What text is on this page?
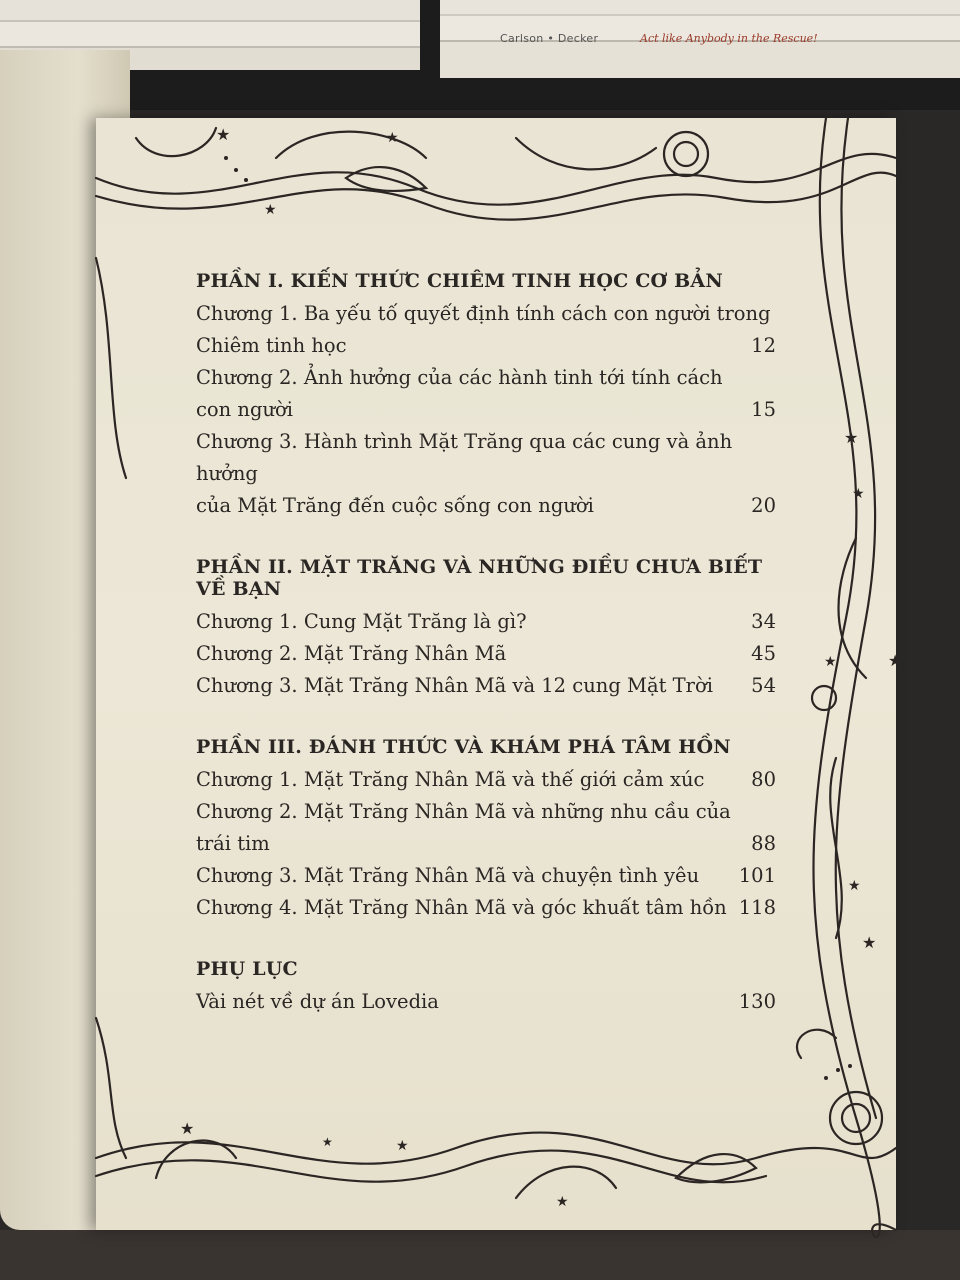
Carlson • Decker	Act like Anybody in the Rescue!
★	★
★
★
★
★	★
★
★
★
★
★
★
PHẦN I. KIẾN THỨC CHIÊM TINH HỌC CƠ BẢN
Chương 1. Ba yếu tố quyết định tính cách con người trong
Chiêm tinh học	12
Chương 2. Ảnh hưởng của các hành tinh tới tính cách
con người	15
Chương 3. Hành trình Mặt Trăng qua các cung và ảnh hưởng
của Mặt Trăng đến cuộc sống con người	20
PHẦN II. MẶT TRĂNG VÀ NHỮNG ĐIỀU CHƯA BIẾT VỀ BẠN
Chương 1. Cung Mặt Trăng là gì?	34
Chương 2. Mặt Trăng Nhân Mã	45
Chương 3. Mặt Trăng Nhân Mã và 12 cung Mặt Trời	54
PHẦN III. ĐÁNH THỨC VÀ KHÁM PHÁ TÂM HỒN
Chương 1. Mặt Trăng Nhân Mã và thế giới cảm xúc	80
Chương 2. Mặt Trăng Nhân Mã và những nhu cầu của
trái tim	88
Chương 3. Mặt Trăng Nhân Mã và chuyện tình yêu	101
Chương 4. Mặt Trăng Nhân Mã và góc khuất tâm hồn 118
PHỤ LỤC
Vài nét về dự án Lovedia	130
